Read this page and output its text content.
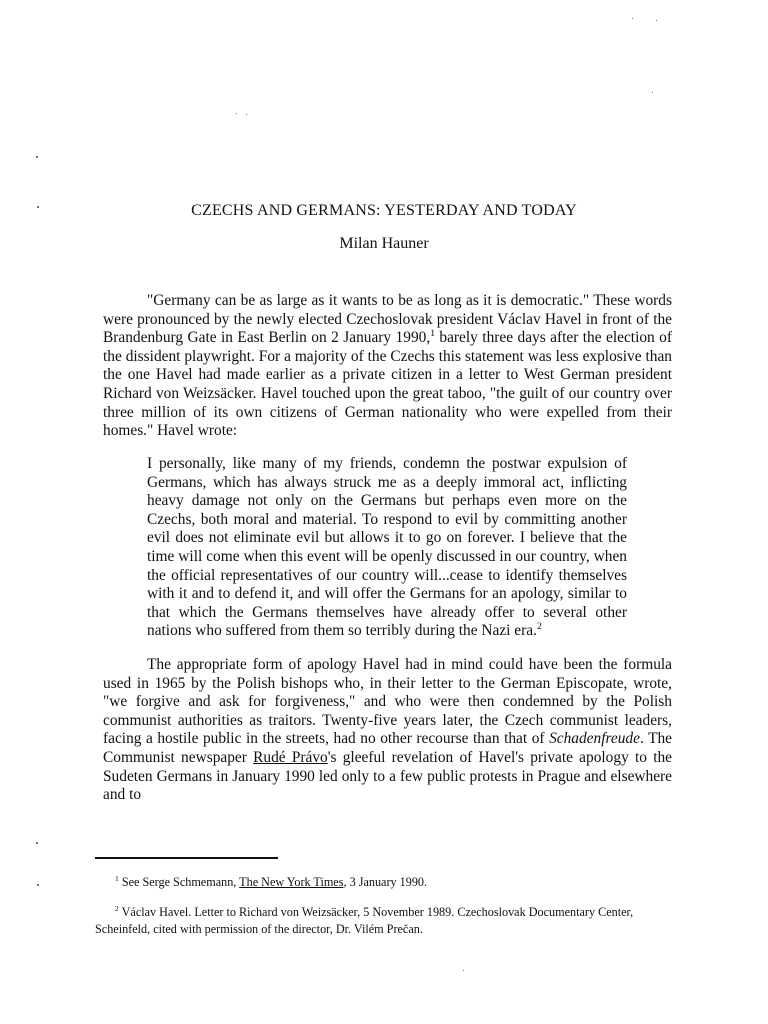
CZECHS AND GERMANS: YESTERDAY AND TODAY
Milan Hauner

"Germany can be as large as it wants to be as long as it is democratic." These words were pronounced by the newly elected Czechoslovak president Václav Havel in front of the Brandenburg Gate in East Berlin on 2 January 1990,$^1$ barely three days after the election of the dissident playwright. For a majority of the Czechs this statement was less explosive than the one Havel had made earlier as a private citizen in a letter to West German president Richard von Weizsäcker. Havel touched upon the great taboo, "the guilt of our country over three million of its own citizens of German nationality who were expelled from their homes." Havel wrote:

I personally, like many of my friends, condemn the postwar expulsion of Germans, which has always struck me as a deeply immoral act, inflicting heavy damage not only on the Germans but perhaps even more on the Czechs, both moral and material. To respond to evil by committing another evil does not eliminate evil but allows it to go on forever. I believe that the time will come when this event will be openly discussed in our country, when the official representatives of our country will...cease to identify themselves with it and to defend it, and will offer the Germans for an apology, similar to that which the Germans themselves have already offer to several other nations who suffered from them so terribly during the Nazi era.$^2$

The appropriate form of apology Havel had in mind could have been the formula used in 1965 by the Polish bishops who, in their letter to the German Episcopate, wrote, "we forgive and ask for forgiveness," and who were then condemned by the Polish communist authorities as traitors. Twenty-five years later, the Czech communist leaders, facing a hostile public in the streets, had no other recourse than that of Schadenfreude. The Communist newspaper Rudé Právo's gleeful revelation of Havel's private apology to the Sudeten Germans in January 1990 led only to a few public protests in Prague and elsewhere and to

$^1$ See Serge Schmemann, The New York Times, 3 January 1990.

$^2$ Václav Havel. Letter to Richard von Weizsäcker, 5 November 1989. Czechoslovak Documentary Center, Scheinfeld, cited with permission of the director, Dr. Vilém Prečan.
